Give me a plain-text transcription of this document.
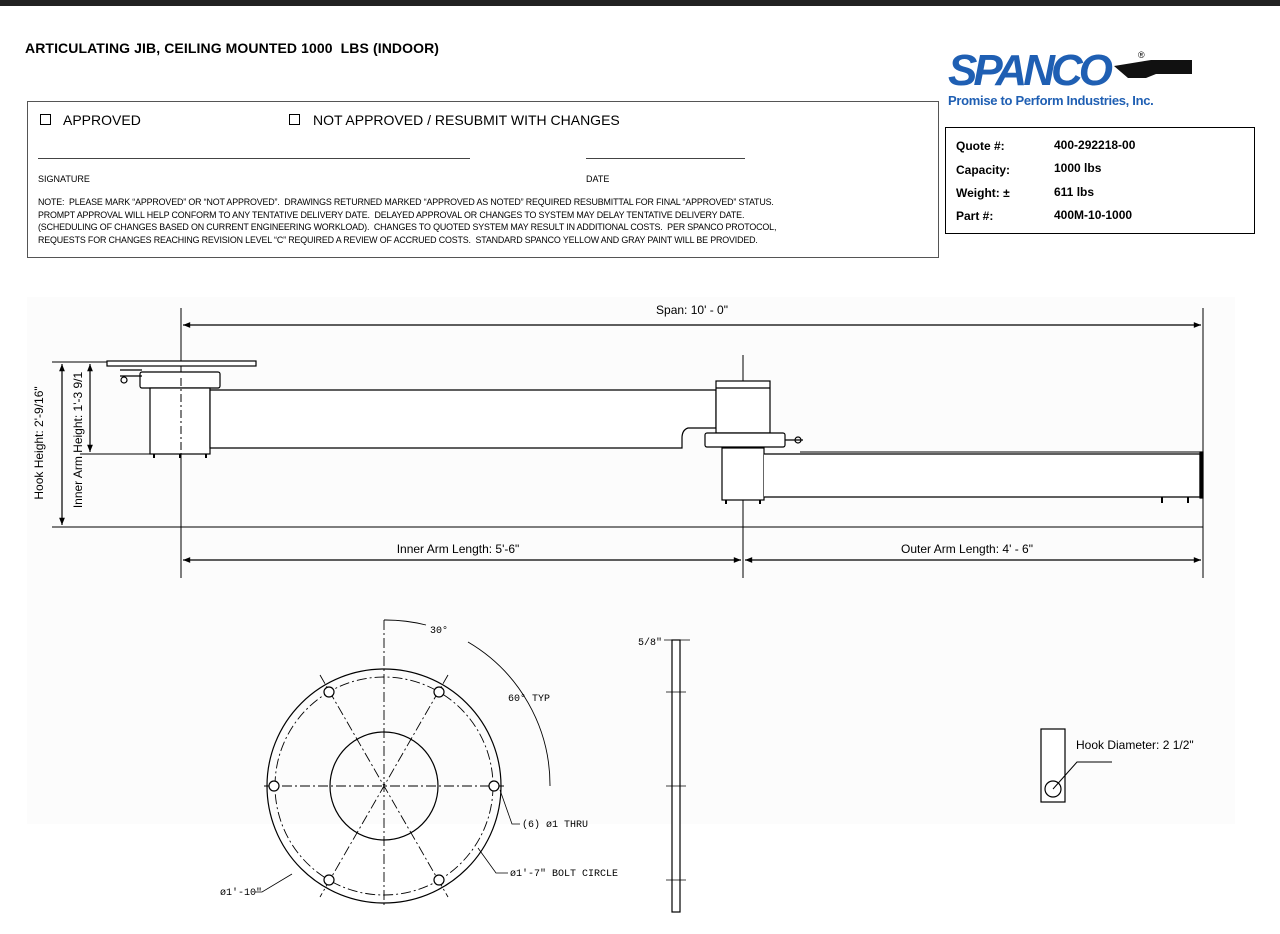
ARTICULATING JIB, CEILING MOUNTED 1000  LBS (INDOOR)	SPANCO	®
Promise to Perform Industries, Inc.
APPROVED	NOT APPROVED / RESUBMIT WITH CHANGES
SIGNATURE	DATE
NOTE:  PLEASE MARK “APPROVED” OR “NOT APPROVED”.  DRAWINGS RETURNED MARKED “APPROVED AS NOTED” REQUIRED RESUBMITTAL FOR FINAL “APPROVED” STATUS.
PROMPT APPROVAL WILL HELP CONFORM TO ANY TENTATIVE DELIVERY DATE.  DELAYED APPROVAL OR CHANGES TO SYSTEM MAY DELAY TENTATIVE DELIVERY DATE.
(SCHEDULING OF CHANGES BASED ON CURRENT ENGINEERING WORKLOAD).  CHANGES TO QUOTED SYSTEM MAY RESULT IN ADDITIONAL COSTS.  PER SPANCO PROTOCOL,
REQUESTS FOR CHANGES REACHING REVISION LEVEL “C” REQUIRED A REVIEW OF ACCRUED COSTS.  STANDARD SPANCO YELLOW AND GRAY PAINT WILL BE PROVIDED.
Quote #:	400-292218-00
Capacity:	1000 lbs
Weight: ±	611 lbs
Part #:	400M-10-1000
Span: 10' - 0"
Hook Height: 2'-9/16" Inner Arm Height: 1'-3 9/1
Inner Arm Length: 5'-6"	Outer Arm Length: 4' - 6"
30°
60° TYP
(6) ø1 THRU
ø1'-7" BOLT CIRCLE
ø1'-10"
5/8"
Hook Diameter: 2 1/2"
